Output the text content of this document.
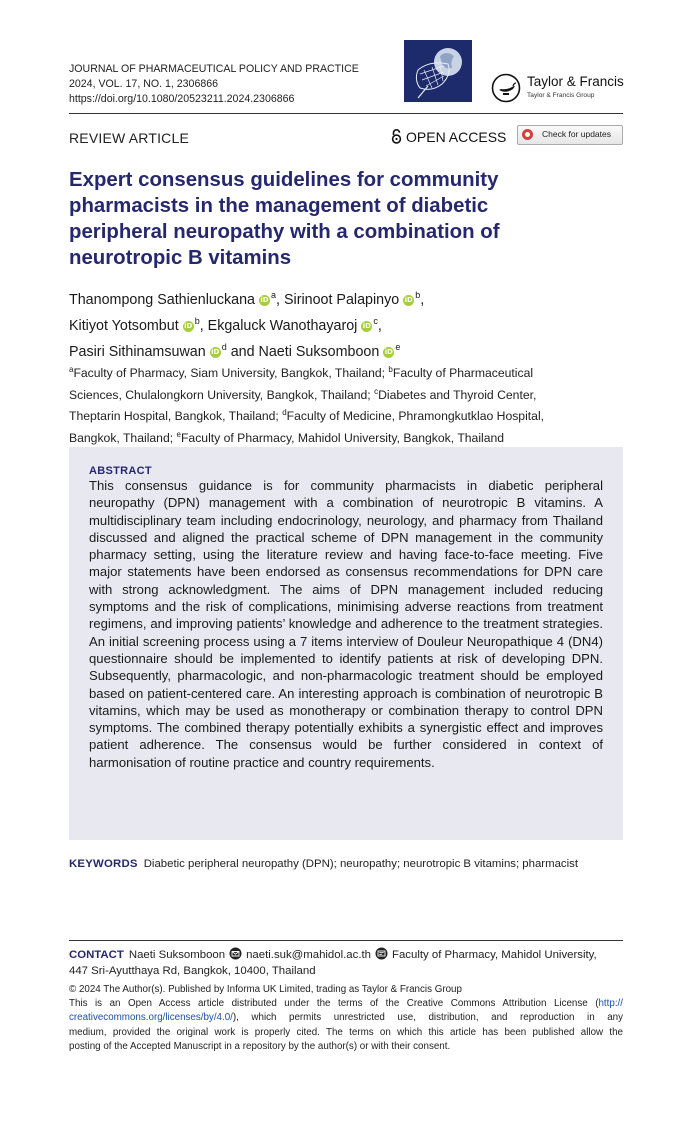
JOURNAL OF PHARMACEUTICAL POLICY AND PRACTICE
2024, VOL. 17, NO. 1, 2306866
https://doi.org/10.1080/20523211.2024.2306866
Taylor & Francis
Taylor & Francis Group
REVIEW ARTICLE	OPEN ACCESS	Check for updates
Expert consensus guidelines for community
pharmacists in the management of diabetic
peripheral neuropathy with a combination of
neurotropic B vitamins
Thanompong Sathienluckana iD $^a$, Sirinoot Palapinyo iD $^b$,
Kitiyot Yotsombut iD $^b$, Ekgaluck Wanothayaroj iD $^c$,
Pasiri Sithinamsuwan iD $^d$ and Naeti Suksomboon iD $^e$
$^a$Faculty of Pharmacy, Siam University, Bangkok, Thailand; $^b$Faculty of Pharmaceutical
Sciences, Chulalongkorn University, Bangkok, Thailand; $^c$Diabetes and Thyroid Center,
Theptarin Hospital, Bangkok, Thailand; $^d$Faculty of Medicine, Phramongkutklao Hospital,
Bangkok, Thailand; $^e$Faculty of Pharmacy, Mahidol University, Bangkok, Thailand
ABSTRACT
This consensus guidance is for community pharmacists in diabetic peripheral neuropathy (DPN) management with a combination of neurotropic B vitamins. A multidisciplinary team including endocrinology, neurology, and pharmacy from Thailand discussed and aligned the practical scheme of DPN management in the community pharmacy setting, using the literature review and having face-to-face meeting. Five major statements have been endorsed as consensus recommendations for DPN care with strong acknowledgment. The aims of DPN management included reducing symptoms and the risk of complications, minimising adverse reactions from treatment regimens, and improving patients’ knowledge and adherence to the treatment strategies. An initial screening process using a 7 items interview of Douleur Neuropathique 4 (DN4) questionnaire should be implemented to identify patients at risk of developing DPN. Subsequently, pharmacologic, and non-pharmacologic treatment should be employed based on patient-centered care. An interesting approach is combination of neurotropic B vitamins, which may be used as monotherapy or combination therapy to control DPN symptoms. The combined therapy potentially exhibits a synergistic effect and improves patient adherence. The consensus would be further considered in context of harmonisation of routine practice and country requirements.
KEYWORDS Diabetic peripheral neuropathy (DPN); neuropathy; neurotropic B vitamins; pharmacist
CONTACT Naeti Suksomboon naeti.suk@mahidol.ac.th Faculty of Pharmacy, Mahidol University,
447 Sri-Ayutthaya Rd, Bangkok, 10400, Thailand
© 2024 The Author(s). Published by Informa UK Limited, trading as Taylor & Francis Group
This is an Open Access article distributed under the terms of the Creative Commons Attribution License (http://
creativecommons.org/licenses/by/4.0/), which permits unrestricted use, distribution, and reproduction in any
medium, provided the original work is properly cited. The terms on which this article has been published allow the
posting of the Accepted Manuscript in a repository by the author(s) or with their consent.
